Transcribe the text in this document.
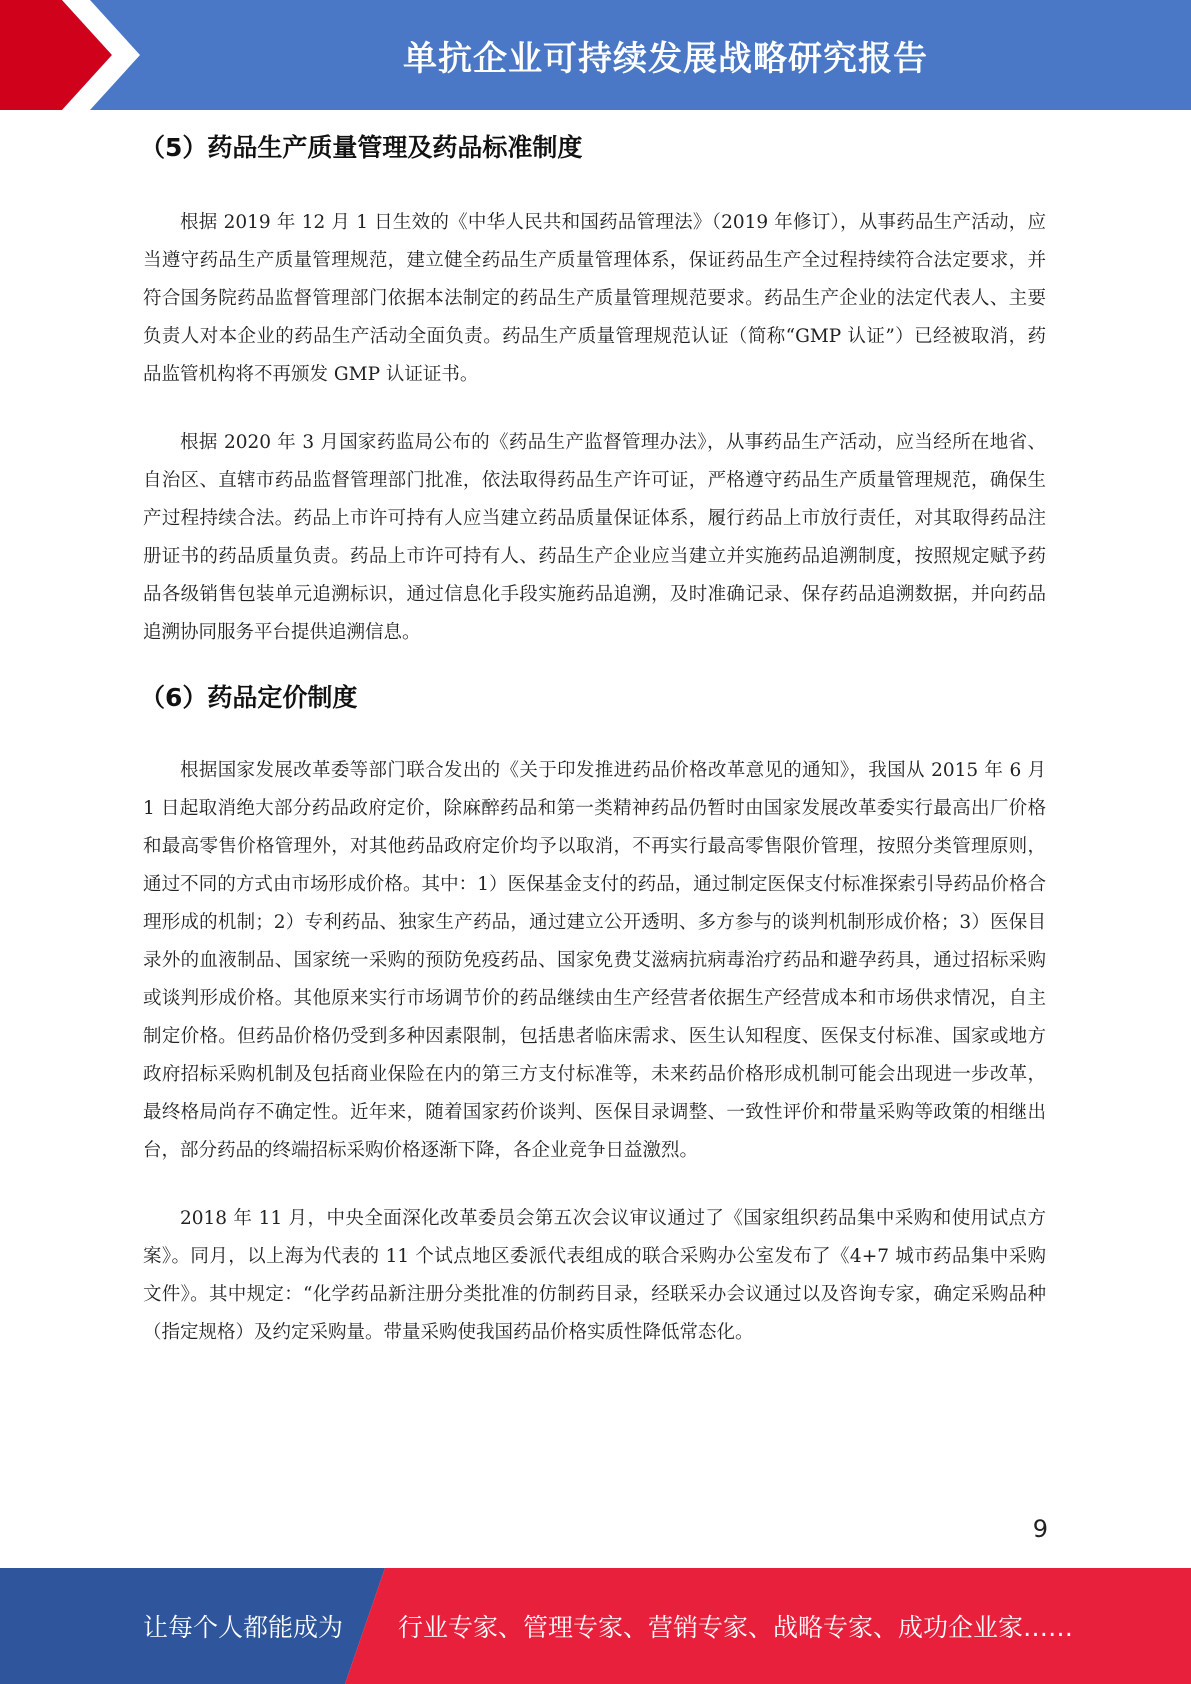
单抗企业可持续发展战略研究报告
（5）药品生产质量管理及药品标准制度

根据 2019 年 12 月 1 日生效的《中华人民共和国药品管理法》（2019 年修订），从事药品生产活动，应当遵守药品生产质量管理规范，建立健全药品生产质量管理体系，保证药品生产全过程持续符合法定要求，并符合国务院药品监督管理部门依据本法制定的药品生产质量管理规范要求。药品生产企业的法定代表人、主要负责人对本企业的药品生产活动全面负责。药品生产质量管理规范认证（简称“GMP 认证”）已经被取消，药品监管机构将不再颁发 GMP 认证证书。

根据 2020 年 3 月国家药监局公布的《药品生产监督管理办法》，从事药品生产活动，应当经所在地省、自治区、直辖市药品监督管理部门批准，依法取得药品生产许可证，严格遵守药品生产质量管理规范，确保生产过程持续合法。药品上市许可持有人应当建立药品质量保证体系，履行药品上市放行责任，对其取得药品注册证书的药品质量负责。药品上市许可持有人、药品生产企业应当建立并实施药品追溯制度，按照规定赋予药品各级销售包装单元追溯标识，通过信息化手段实施药品追溯，及时准确记录、保存药品追溯数据，并向药品追溯协同服务平台提供追溯信息。

（6）药品定价制度

根据国家发展改革委等部门联合发出的《关于印发推进药品价格改革意见的通知》，我国从 2015 年 6 月 1 日起取消绝大部分药品政府定价，除麻醉药品和第一类精神药品仍暂时由国家发展改革委实行最高出厂价格和最高零售价格管理外，对其他药品政府定价均予以取消，不再实行最高零售限价管理，按照分类管理原则，通过不同的方式由市场形成价格。其中：1）医保基金支付的药品，通过制定医保支付标准探索引导药品价格合理形成的机制；2）专利药品、独家生产药品，通过建立公开透明、多方参与的谈判机制形成价格；3）医保目录外的血液制品、国家统一采购的预防免疫药品、国家免费艾滋病抗病毒治疗药品和避孕药具，通过招标采购或谈判形成价格。其他原来实行市场调节价的药品继续由生产经营者依据生产经营成本和市场供求情况，自主制定价格。但药品价格仍受到多种因素限制，包括患者临床需求、医生认知程度、医保支付标准、国家或地方政府招标采购机制及包括商业保险在内的第三方支付标准等，未来药品价格形成机制可能会出现进一步改革，最终格局尚存不确定性。近年来，随着国家药价谈判、医保目录调整、一致性评价和带量采购等政策的相继出台，部分药品的终端招标采购价格逐渐下降，各企业竞争日益激烈。

2018 年 11 月，中央全面深化改革委员会第五次会议审议通过了《国家组织药品集中采购和使用试点方案》。同月，以上海为代表的 11 个试点地区委派代表组成的联合采购办公室发布了《4+7 城市药品集中采购文件》。其中规定：“化学药品新注册分类批准的仿制药目录，经联采办会议通过以及咨询专家，确定采购品种（指定规格）及约定采购量。带量采购使我国药品价格实质性降低常态化。

9
让每个人都能成为 行业专家、管理专家、营销专家、战略专家、成功企业家……
